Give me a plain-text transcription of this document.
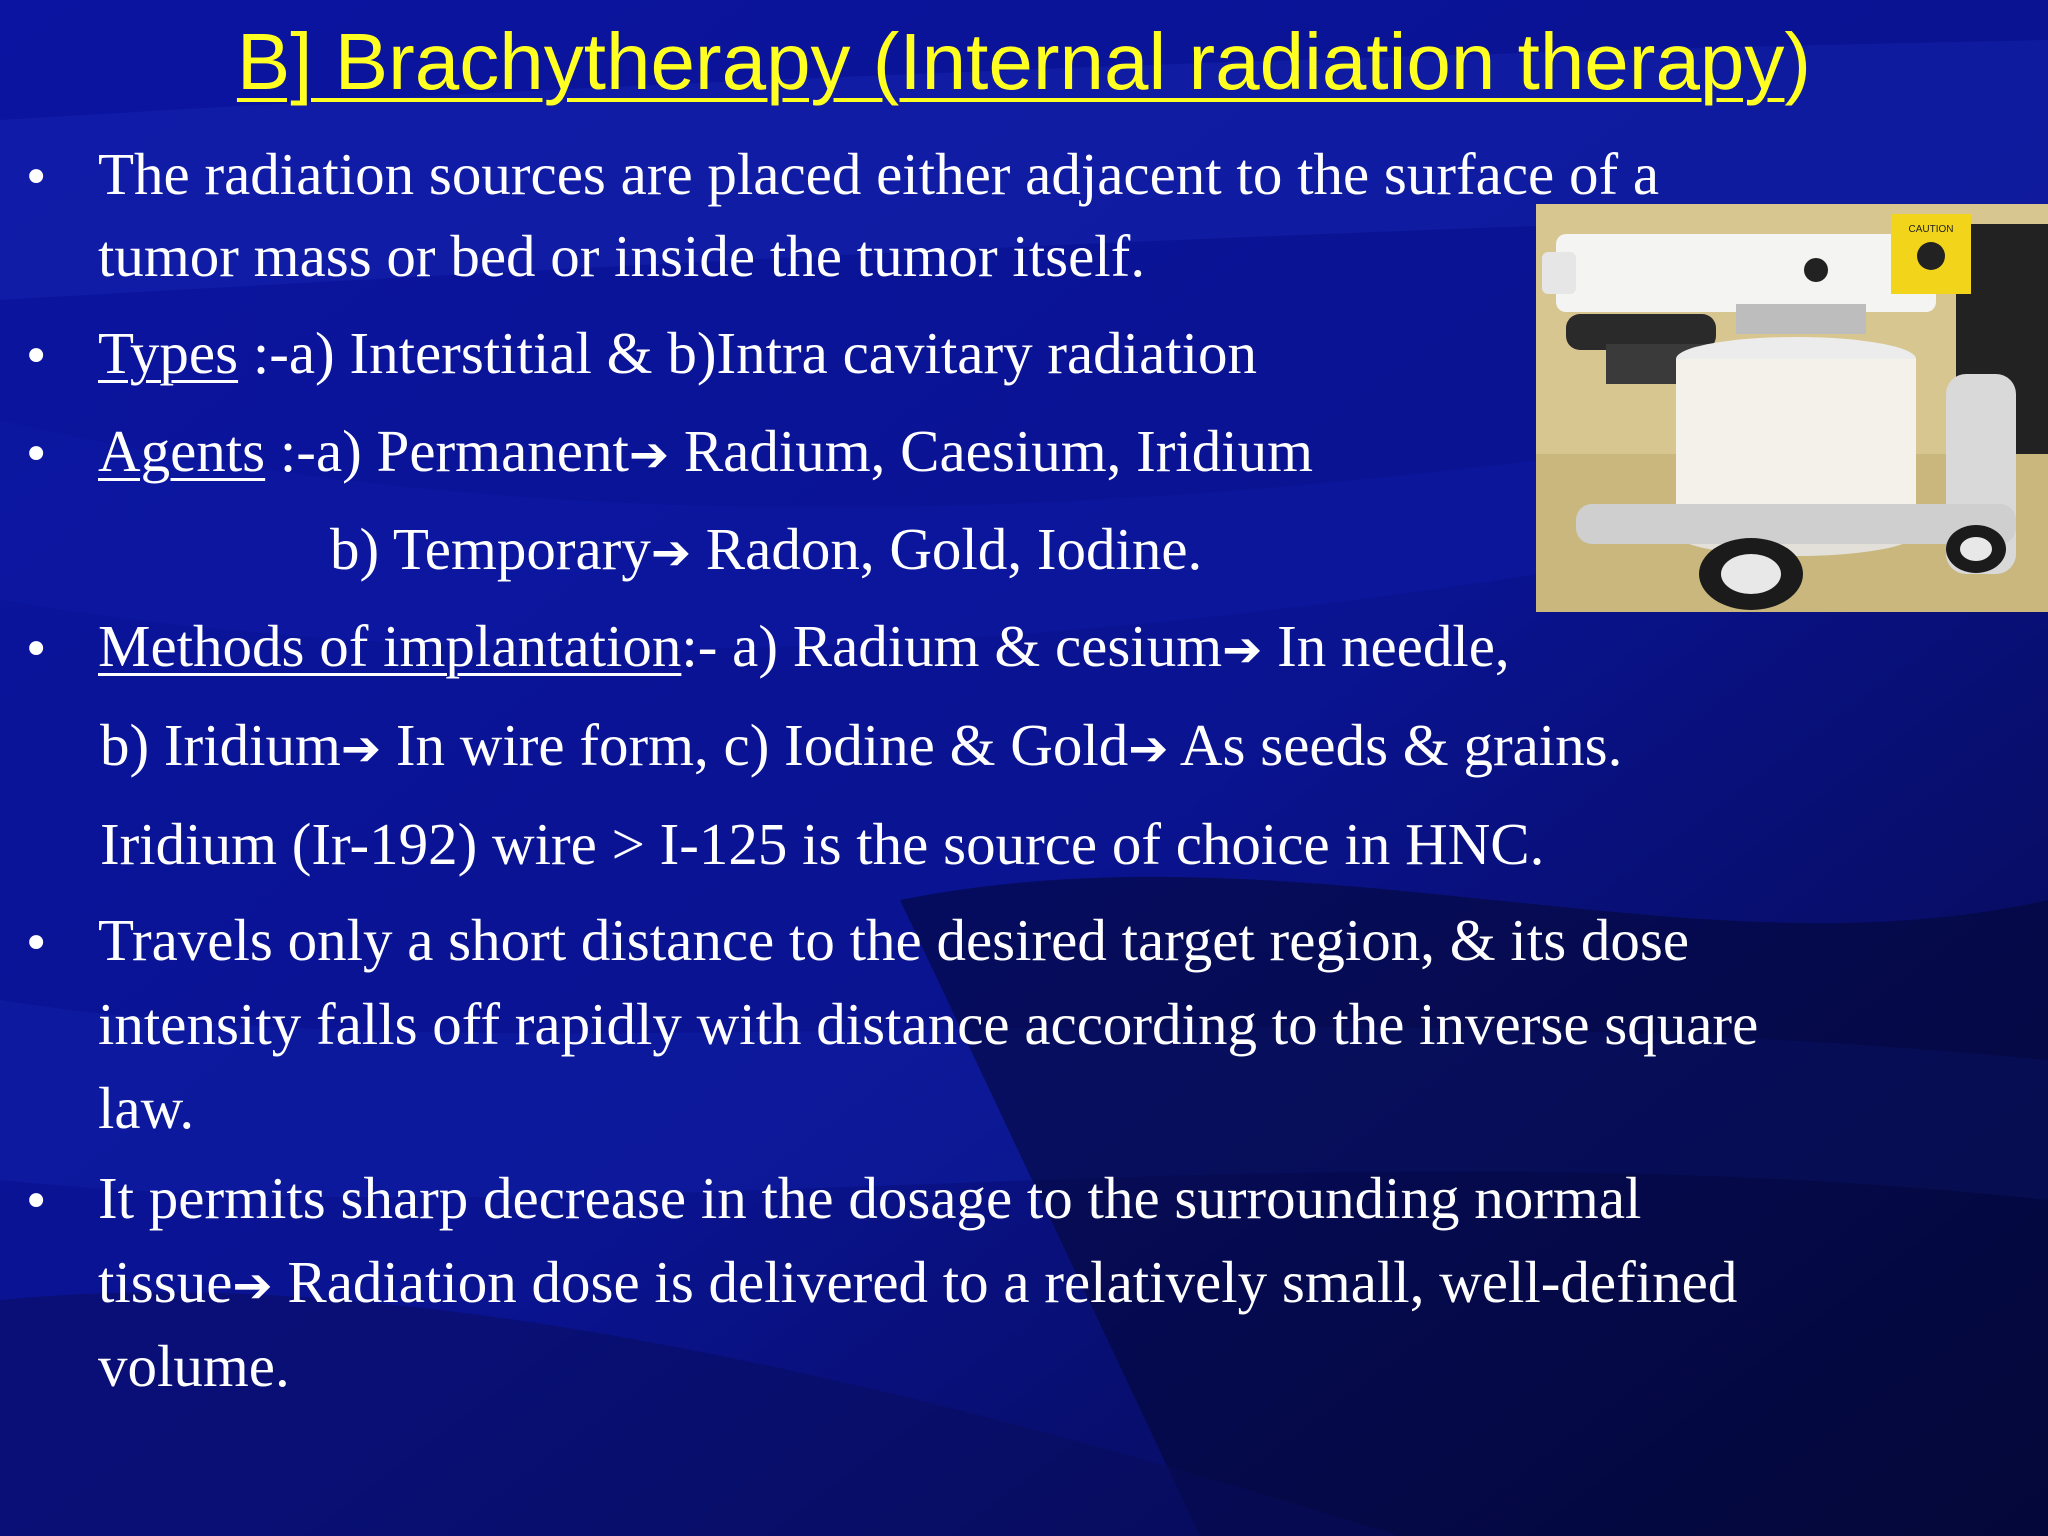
B] Brachytherapy (Internal radiation therapy)
CAUTION
•
•
•
•
•
•
The radiation sources are placed either adjacent to the surface of a
tumor mass or bed or inside the tumor itself.
Types :-a) Interstitial & b)Intra cavitary radiation
Agents :-a) Permanent➔ Radium, Caesium, Iridium
b) Temporary➔ Radon, Gold, Iodine.
Methods of implantation:- a) Radium & cesium➔ In needle,
b) Iridium➔ In wire form, c) Iodine & Gold➔ As seeds & grains.
Iridium (Ir-192) wire > I-125 is the source of choice in HNC.
Travels only a short distance to the desired target region, & its dose
intensity falls off rapidly with distance according to the inverse square
law.
It permits sharp decrease in the dosage to the surrounding normal
tissue➔ Radiation dose is delivered to a relatively small, well-defined
volume.
